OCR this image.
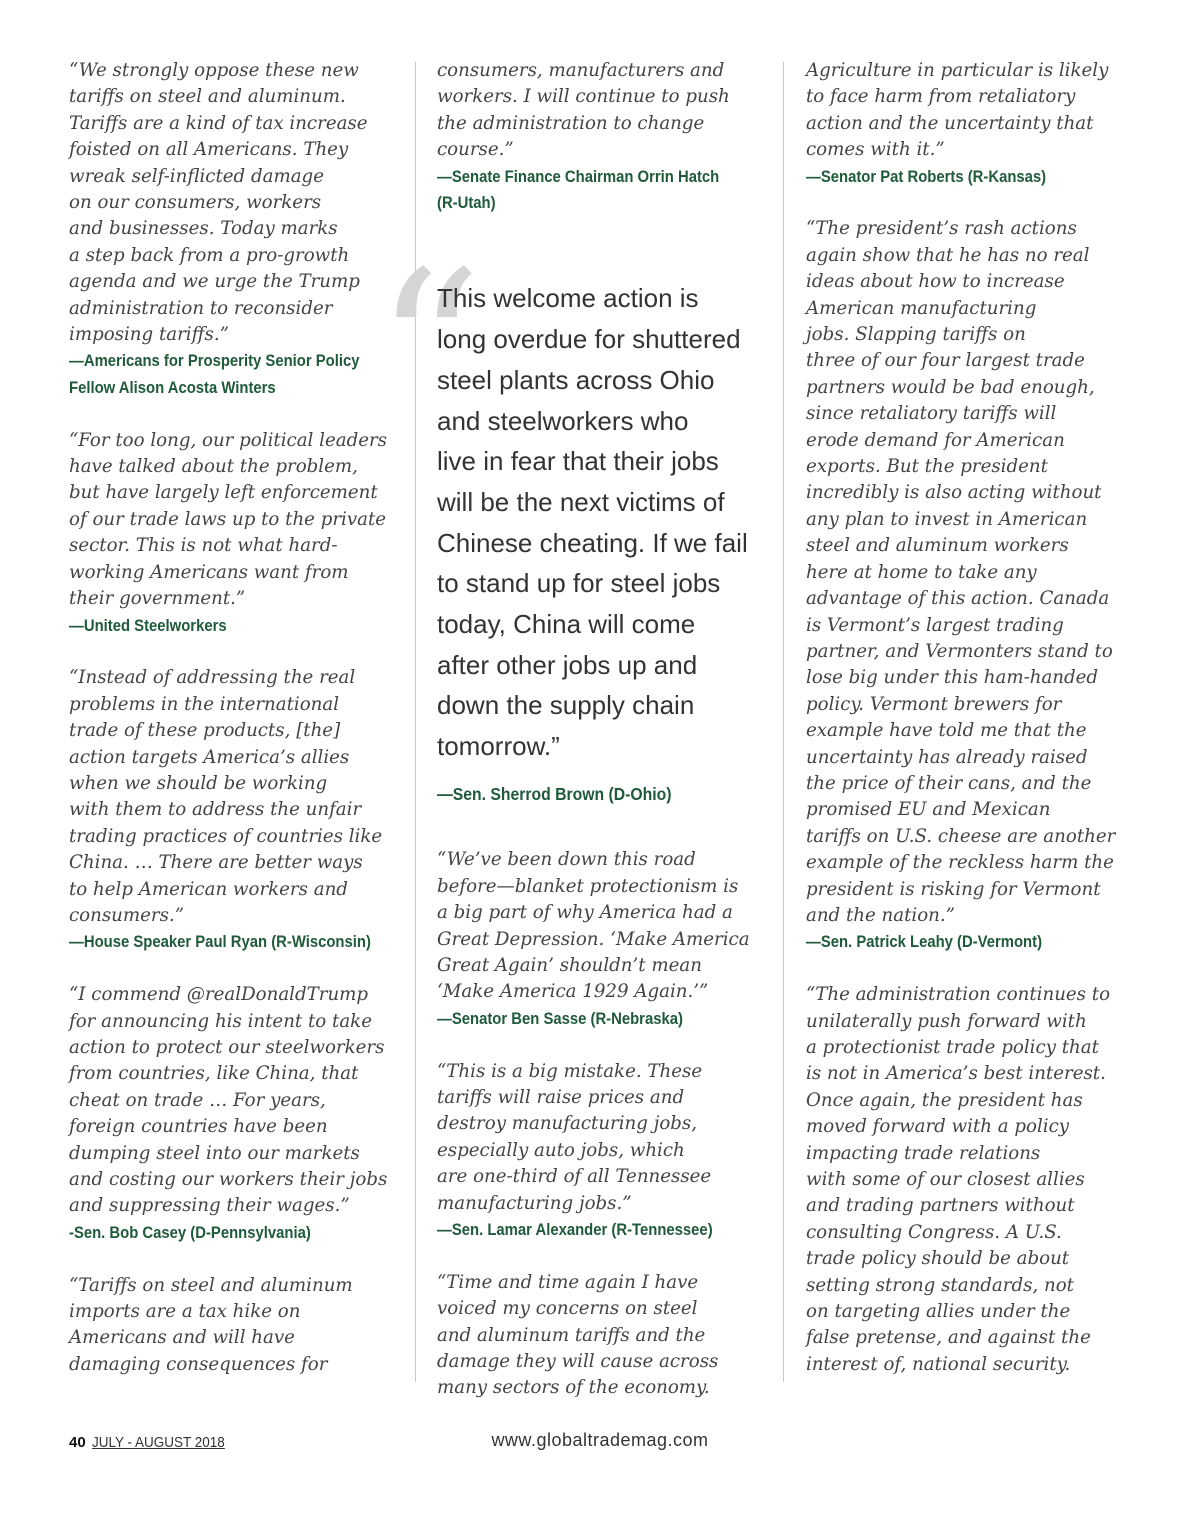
“We strongly oppose these new
tariffs on steel and aluminum.
Tariffs are a kind of tax increase
foisted on all Americans. They
wreak self-inflicted damage
on our consumers, workers
and businesses. Today marks
a step back from a pro-growth
agenda and we urge the Trump
administration to reconsider
imposing tariffs.”
—Americans for Prosperity Senior Policy
Fellow Alison Acosta Winters
“For too long, our political leaders
have talked about the problem,
but have largely left enforcement
of our trade laws up to the private
sector. This is not what hard-
working Americans want from
their government.”
—United Steelworkers
“Instead of addressing the real
problems in the international
trade of these products, [the]
action targets America’s allies
when we should be working
with them to address the unfair
trading practices of countries like
China. … There are better ways
to help American workers and
consumers.”
—House Speaker Paul Ryan (R-Wisconsin)
“I commend @realDonaldTrump
for announcing his intent to take
action to protect our steelworkers
from countries, like China, that
cheat on trade … For years,
foreign countries have been
dumping steel into our markets
and costing our workers their jobs
and suppressing their wages.”
-Sen. Bob Casey (D-Pennsylvania)
“Tariffs on steel and aluminum
imports are a tax hike on
Americans and will have
damaging consequences for
consumers, manufacturers and
workers. I will continue to push
the administration to change
course.”
—Senate Finance Chairman Orrin Hatch
(R-Utah)
“
This welcome action is
long overdue for shuttered
steel plants across Ohio
and steelworkers who
live in fear that their jobs
will be the next victims of
Chinese cheating. If we fail
to stand up for steel jobs
today, China will come
after other jobs up and
down the supply chain
tomorrow.”
—Sen. Sherrod Brown (D-Ohio)
“We’ve been down this road
before—blanket protectionism is
a big part of why America had a
Great Depression. ‘Make America
Great Again’ shouldn’t mean
‘Make America 1929 Again.’”
—Senator Ben Sasse (R-Nebraska)
“This is a big mistake. These
tariffs will raise prices and
destroy manufacturing jobs,
especially auto jobs, which
are one-third of all Tennessee
manufacturing jobs.”
—Sen. Lamar Alexander (R-Tennessee)
“Time and time again I have
voiced my concerns on steel
and aluminum tariffs and the
damage they will cause across
many sectors of the economy.
Agriculture in particular is likely
to face harm from retaliatory
action and the uncertainty that
comes with it.”
—Senator Pat Roberts (R-Kansas)
“The president’s rash actions
again show that he has no real
ideas about how to increase
American manufacturing
jobs. Slapping tariffs on
three of our four largest trade
partners would be bad enough,
since retaliatory tariffs will
erode demand for American
exports. But the president
incredibly is also acting without
any plan to invest in American
steel and aluminum workers
here at home to take any
advantage of this action. Canada
is Vermont’s largest trading
partner, and Vermonters stand to
lose big under this ham-handed
policy. Vermont brewers for
example have told me that the
uncertainty has already raised
the price of their cans, and the
promised EU and Mexican
tariffs on U.S. cheese are another
example of the reckless harm the
president is risking for Vermont
and the nation.”
—Sen. Patrick Leahy (D-Vermont)
“The administration continues to
unilaterally push forward with
a protectionist trade policy that
is not in America’s best interest.
Once again, the president has
moved forward with a policy
impacting trade relations
with some of our closest allies
and trading partners without
consulting Congress. A U.S.
trade policy should be about
setting strong standards, not
on targeting allies under the
false pretense, and against the
interest of, national security.
40 JULY - AUGUST 2018	www.globaltrademag.com
